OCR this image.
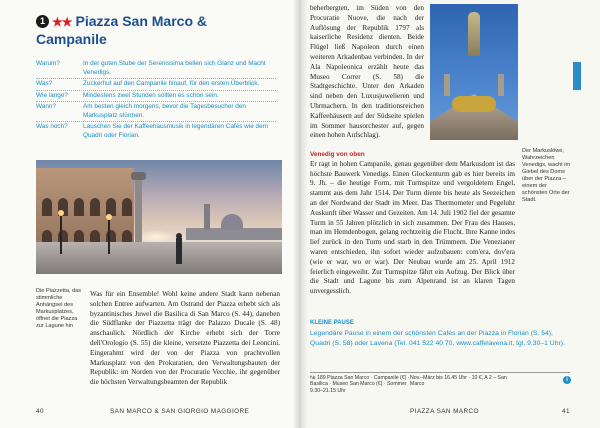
1 ★★ Piazza San Marco &
Campanile
Warum?	In der guten Stube der Serenissima bellen sich Glanz und Macht Venedigs.
Was?	Zuckerhut auf den Campanile hinauf, für den ersten Überblick.
Wie lange?	Mindestens zwei Stunden sollten es schon sein.
Wann?	Am besten gleich morgens, bevor die Tagesbesucher den Markusplatz stürmen.
Was noch?	Lauschen Sie der Kaffeehausmusik in legendären Cafés wie dem Quadri oder Florian.
Die Piazzetta, das stimmliche Anhängsel des Markusplatzes, öffnet die Piazza zur Lagune hin
Was für ein Ensemble! Wohl keine andere Stadt kann nebenan solchen Entree aufwarten. Am Ostrand der Piazza erhebt sich als byzantinisches Juwel die Basilica di San Marco (S. 44), daneben die Südflanke der Piazzetta trägt der Palazzo Ducale (S. 48) anschaulich. Nördlich der Kirche erhebt sich der Torre dell'Orologio (S. 55) die kleine, versetzte Piazzetta dei Leoncini. Eingerahmt wird der von der Piazza von prachtvollen Markusplatz von den Prokuratien, den Verwaltungsbauten der Republik: im Norden von der Procuratie Vecchie, ihr gegenüber die höchsten Verwaltungsbeamten der Republik
40	SAN MARCO & SAN GIORGIO MAGGIORE
beherbergten, im Süden von den Procuratie Nuove, die nach der Auflösung der Republik 1797 als kaiserliche Residenz dienten. Beide Flügel ließ Napoleon durch einen weiteren Arkadenbau verbinden. In der Ala Napoleonica erzählt heute das Museo Correr (S. 58) die Stadtgeschichte. Unter den Arkaden sind neben den Luxusjuwelieren und Uhrmachern. In den traditionsreichen Kaffeehäusern auf der Südseite spielen im Sommer hausorchester auf, gegen einen hohen Aufschlag).
Der Markuslöwe, Wahrzeichen Venedigs, wacht im Giebel des Doms über der Piazza – einem der schönsten Orte der Stadt.
Venedig von oben
Er ragt in hohen Campanile, genau gegenüber dem Markusdom ist das höchste Bauwerk Venedigs. Einen Glockenturm gab es hier bereits im 9. Jh. – die heutige Form, mit Turmspitze und vergoldetem Engel, stammt aus dem Jahr 1514. Der Turm diente bis heute als Seezeichen an der Nordwand der Stadt im Meer. Das Thermometer und Pegeluhr Auskunft über Wasser und Gezeiten. Am 14. Juli 1902 fiel der gesamte Turm in 55 Jahren plötzlich in sich zusammen. Der Frau des Hauses, man im Hemdenbogen, gelang rechtzeitig die Flucht. Ihre Kanne indes lief zurück in den Turm und starb in den Trümmern. Die Venezianer waren entschieden, ihn sofort wieder aufzubauen: com'era, dov'era (wie er war, wo er war). Der Neubau wurde am 25. April 1912 feierlich eingeweiht. Zur Turmspitze fährt ein Aufzug. Der Blick über die Stadt und Lagune bis zum Alpenrand ist an klaren Tagen unvergesslich.
KLEINE PAUSE
Legendäre Pause in einem der schönsten Cafés an der Piazza in Florian (S. 54), Quadri (S. 58) oder Lavena (Tel. 041 522 40 70, www.caffelavena.it, tgl. 9.30–1 Uhr).
№ 189 Piazza San Marco · Campanile (€) · Basilica · Museo San Marco (€) · Sommer 9.30–21.15 Uhr
Nov.–März bis 16.45 Uhr · 10 €, A 2 – San Marco
i
PIAZZA SAN MARCO	41
